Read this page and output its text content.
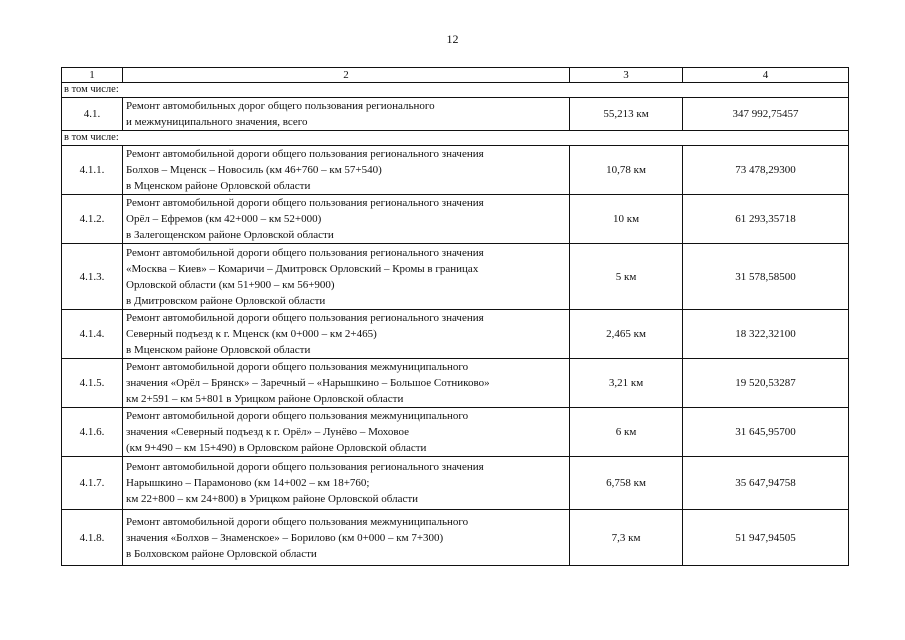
12
1	2	3	4
в том числе:			
4.1.	Ремонт автомобильных дорог общего пользования регионального
и межмуниципального значения, всего	55,213 км	347 992,75457
в том числе:			
4.1.1.	Ремонт автомобильной дороги общего пользования регионального значения
Болхов – Мценск – Новосиль (км 46+760 – км 57+540)
в Мценском районе Орловской области	10,78 км	73 478,29300
4.1.2.	Ремонт автомобильной дороги общего пользования регионального значения
Орёл – Ефремов (км 42+000 – км 52+000)
в Залегощенском районе Орловской области	10 км	61 293,35718
4.1.3.	Ремонт автомобильной дороги общего пользования регионального значения
«Москва – Киев» – Комаричи – Дмитровск Орловский – Кромы в границах
Орловской области (км 51+900 – км 56+900)
в Дмитровском районе Орловской области	5 км	31 578,58500
4.1.4.	Ремонт автомобильной дороги общего пользования регионального значения
Северный подъезд к г. Мценск (км 0+000 – км 2+465)
в Мценском районе Орловской области	2,465 км	18 322,32100
4.1.5.	Ремонт автомобильной дороги общего пользования межмуниципального
значения «Орёл – Брянск» – Заречный – «Нарышкино – Большое Сотниково»
км 2+591 – км 5+801 в Урицком районе Орловской области	3,21 км	19 520,53287
4.1.6.	Ремонт автомобильной дороги общего пользования межмуниципального
значения «Северный подъезд к г. Орёл» – Лунёво – Моховое
(км 9+490 – км 15+490) в Орловском районе Орловской области	6 км	31 645,95700
4.1.7.	Ремонт автомобильной дороги общего пользования регионального значения
Нарышкино – Парамоново (км 14+002 – км 18+760;
км 22+800 – км 24+800) в Урицком районе Орловской области	6,758 км	35 647,94758
4.1.8.	Ремонт автомобильной дороги общего пользования межмуниципального
значения «Болхов – Знаменское» – Борилово (км 0+000 – км 7+300)
в Болховском районе Орловской области	7,3 км	51 947,94505
